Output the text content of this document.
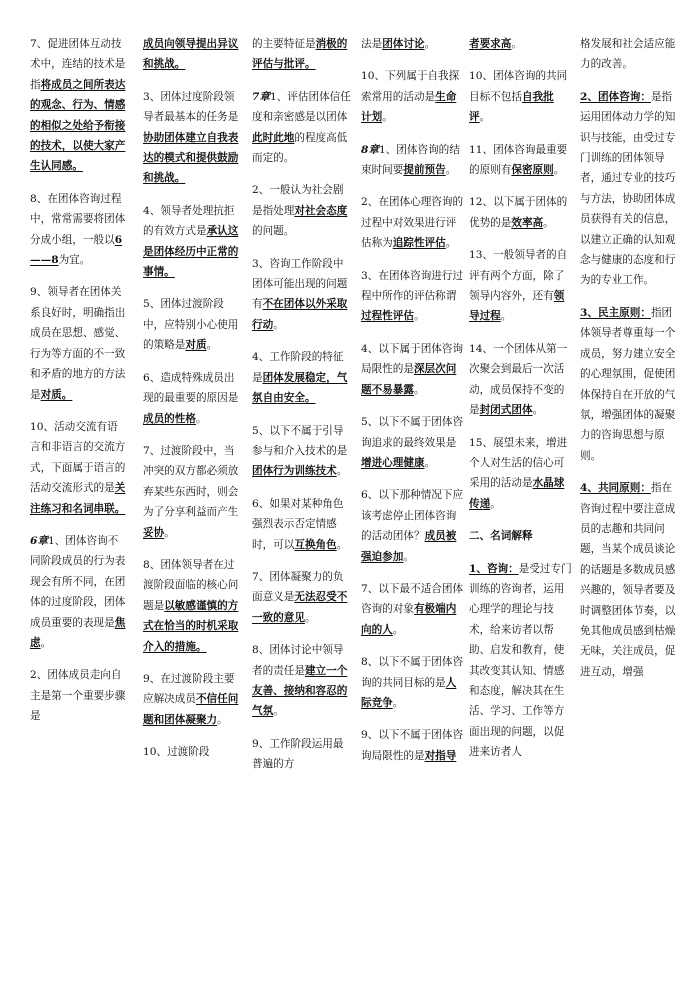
7、促进团体互动技术中，连结的技术是指将成员之间所表达的观念、行为、情感的相似之处给予衔接的技术，以使大家产生认同感。

8、在团体咨询过程中，常常需要将团体分成小组，一般以6——8为宜。

9、领导者在团体关系良好时，明确指出成员在思想、感觉、行为等方面的不一致和矛盾的地方的方法是对质。

10、活动交流有语言和非语言的交流方式，下面属于语言的活动交流形式的是关注练习和名词串联。

6章1、团体咨询不同阶段成员的行为表现会有所不同，在团体的过度阶段，团体成员重要的表现是焦虑。

2、团体成员走向自主是第一个重要步骤是

成员向领导提出异议和挑战。

3、团体过度阶段领导者最基本的任务是协助团体建立自我表达的模式和提供鼓励和挑战。

4、领导者处理抗拒的有效方式是承认这是团体经历中正常的事情。

5、团体过渡阶段中，应特别小心使用的策略是对质。

6、造成特殊成员出现的最重要的原因是成员的性格。

7、过渡阶段中，当冲突的双方都必须放弃某些东西时，则会为了分享利益而产生妥协。

8、团体领导者在过渡阶段面临的核心问题是以敏感谨慎的方式在恰当的时机采取介入的措施。

9、在过渡阶段主要应解决成员不信任问题和团体凝聚力。

10、过渡阶段

的主要特征是消极的评估与批评。

7章1、评估团体信任度和亲密感是以团体此时此地的程度高低而定的。

2、一般认为社会剧是指处理对社会态度的问题。

3、咨询工作阶段中团体可能出现的问题有不在团体以外采取行动。

4、工作阶段的特征是团体发展稳定，气氛自由安全。

5、以下不属于引导参与和介入技术的是团体行为训练技术。

6、如果对某种角色强烈表示否定情感时，可以互换角色。

7、团体凝聚力的负面意义是无法忍受不一致的意见。

8、团体讨论中领导者的责任是建立一个友善、接纳和容忍的气氛。

9、工作阶段运用最普遍的方

法是团体讨论。

10、下列属于自我探索常用的活动是生命计划。

8章1、团体咨询的结束时间要提前预告。

2、在团体心理咨询的过程中对效果进行评估称为追踪性评估。

3、在团体咨询进行过程中所作的评估称谓过程性评估。

4、以下属于团体咨询局限性的是深层次问题不易暴露。

5、以下不属于团体咨询追求的最终效果是增进心理健康。

6、以下那种情况下应该考虑停止团体咨询的活动团体？成员被强迫参加。

7、以下最不适合团体咨询的对象有极端内向的人。

8、以下不属于团体咨询的共同目标的是人际竞争。

9、以下不属于团体咨询局限性的是对指导

者要求高。

10、团体咨询的共同目标不包括自我批评。

11、团体咨询最重要的原则有保密原则。

12、以下属于团体的优势的是效率高。

13、一般领导者的自评有两个方面，除了领导内容外，还有领导过程。

14、一个团体从第一次聚会到最后一次活动，成员保持不变的是封闭式团体。

15、展望未来，增进个人对生活的信心可采用的活动是水晶球传递。

二、名词解释

1、咨询：是受过专门训练的咨询者，运用心理学的理论与技术，给来访者以帮助、启发和教育，使其改变其认知、情感和态度，解决其在生活、学习、工作等方面出现的问题，以促进来访者人

格发展和社会适应能力的改善。

2、团体咨询：是指运用团体动力学的知识与技能，由受过专门训练的团体领导者，通过专业的技巧与方法，协助团体成员获得有关的信息，以建立正确的认知观念与健康的态度和行为的专业工作。

3、民主原则：指团体领导者尊重每一个成员，努力建立安全的心理氛围，促使团体保持自在开放的气氛，增强团体的凝聚力的咨询思想与原则。

4、共同原则：指在咨询过程中要注意成员的志趣和共同问题，当某个成员谈论的话题是多数成员感兴趣的，领导者要及时调整团体节奏，以免其他成员感到枯燥无味，关注成员，促进互动，增强
